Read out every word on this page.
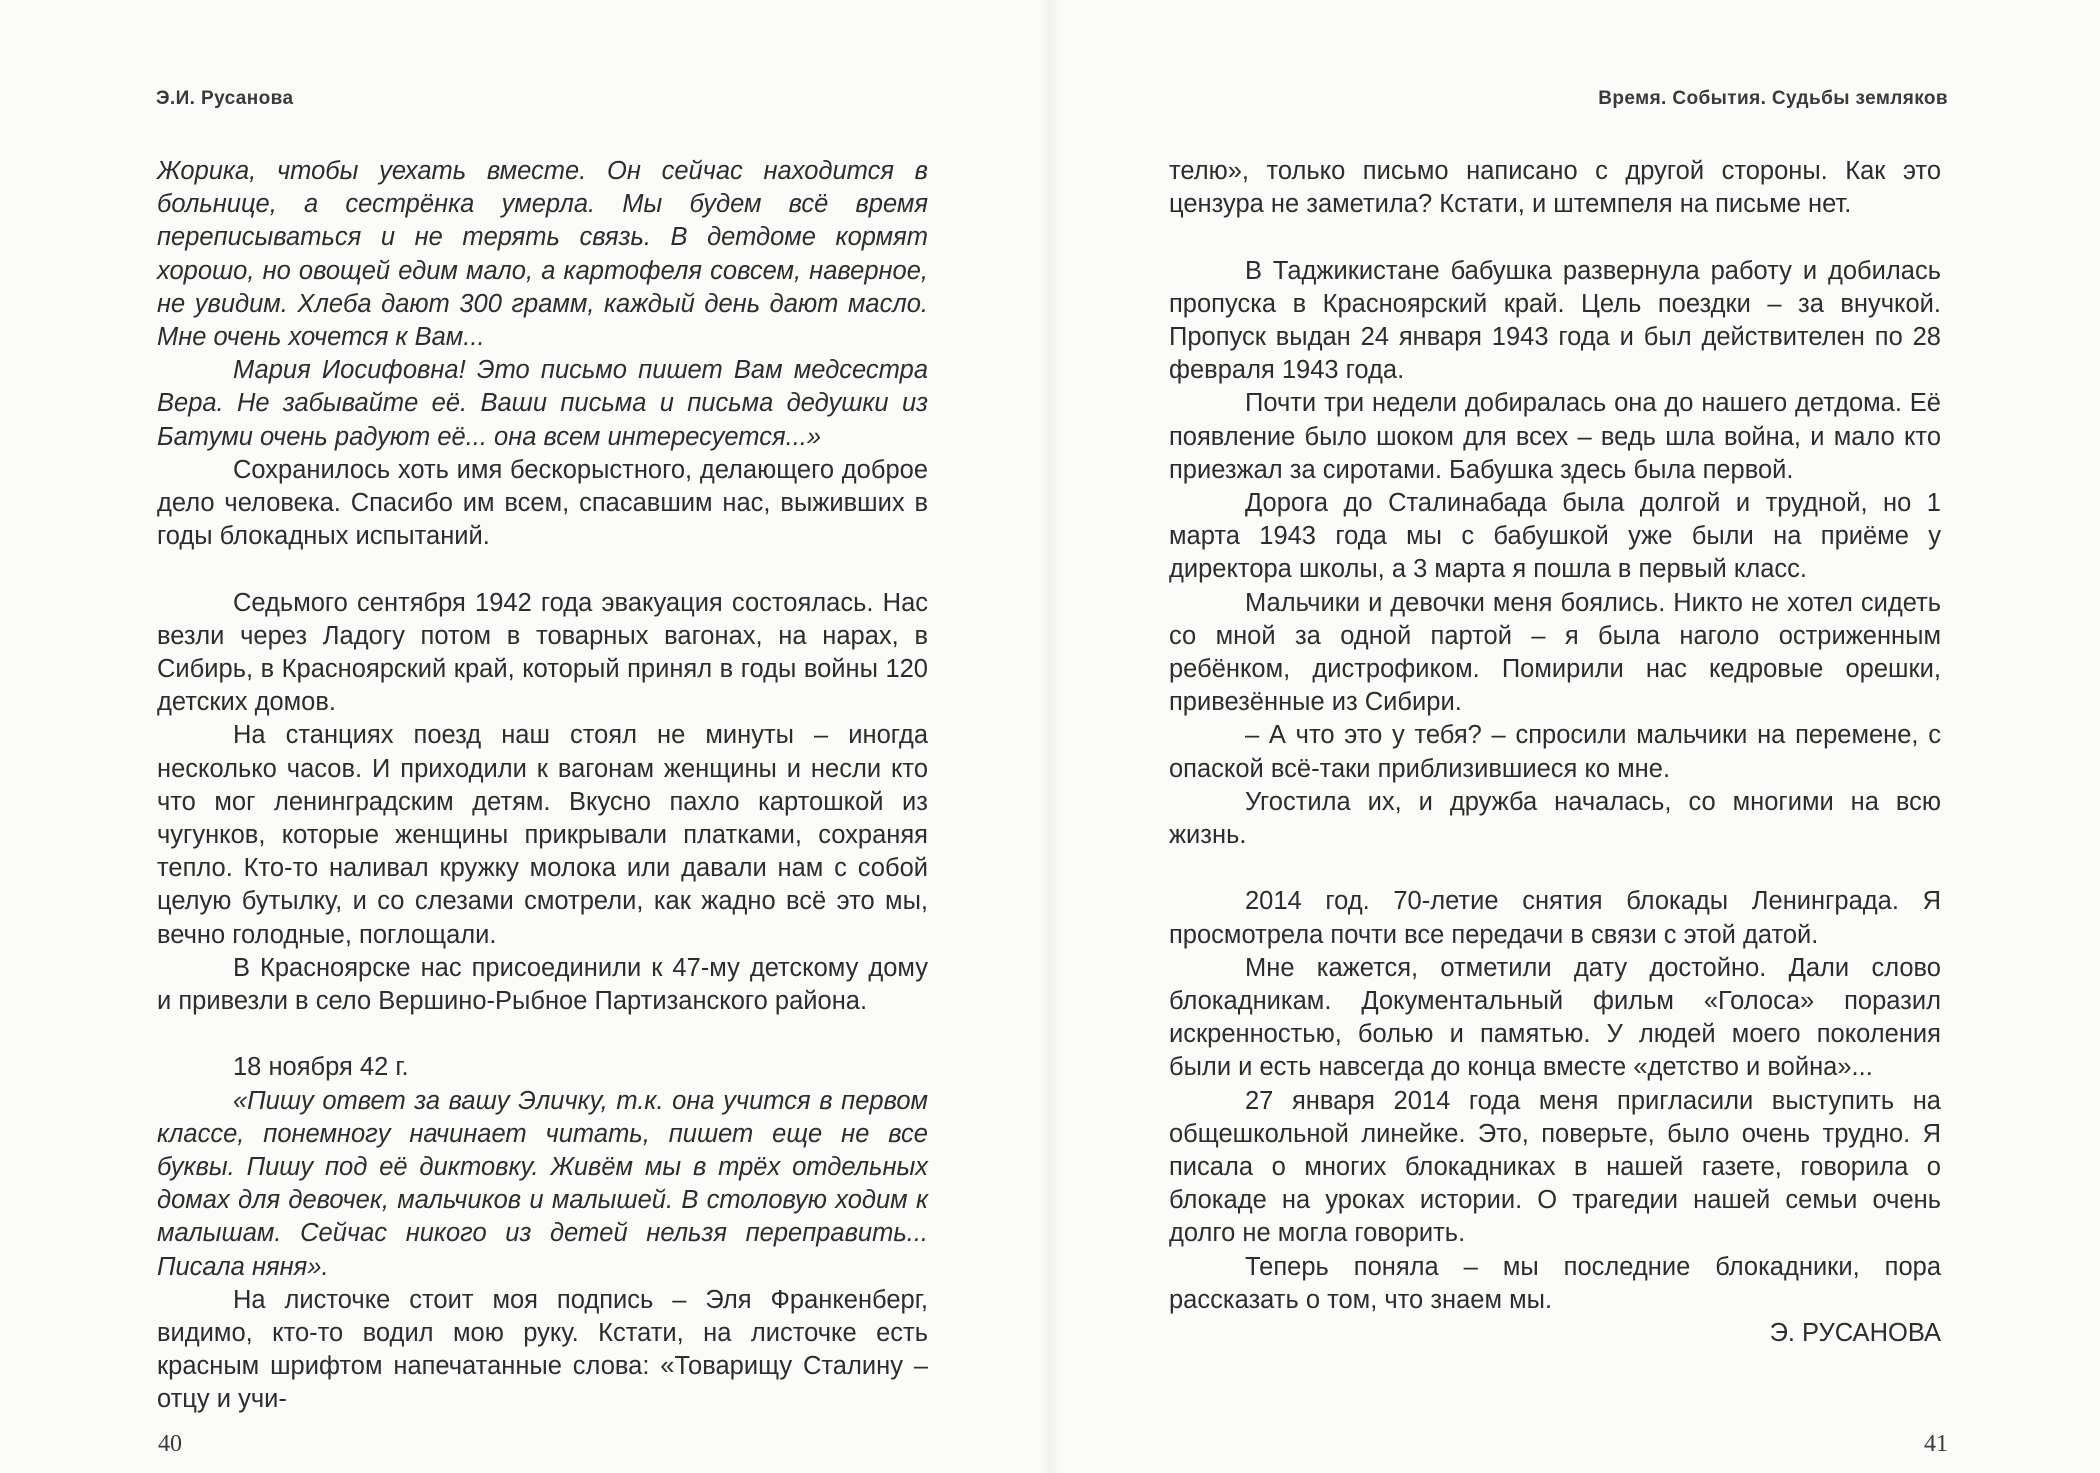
Э.И. Русанова

Жорика, чтобы уехать вместе. Он сейчас находится в больнице, а сестрёнка умерла. Мы будем всё время переписываться и не терять связь. В детдоме кормят хорошо, но овощей едим мало, а картофеля совсем, наверное, не увидим. Хлеба дают 300 грамм, каждый день дают масло. Мне очень хочется к Вам...

Мария Иосифовна! Это письмо пишет Вам медсестра Вера. Не забывайте её. Ваши письма и письма дедушки из Батуми очень радуют её... она всем интересуется...»

Сохранилось хоть имя бескорыстного, делающего доброе дело человека. Спасибо им всем, спасавшим нас, выживших в годы блокадных испытаний.

Седьмого сентября 1942 года эвакуация состоялась. Нас везли через Ладогу потом в товарных вагонах, на нарах, в Сибирь, в Красноярский край, который принял в годы войны 120 детских домов.

На станциях поезд наш стоял не минуты – иногда несколько часов. И приходили к вагонам женщины и несли кто что мог ленинградским детям. Вкусно пахло картошкой из чугунков, которые женщины прикрывали платками, сохраняя тепло. Кто-то наливал кружку молока или давали нам с собой целую бутылку, и со слезами смотрели, как жадно всё это мы, вечно голодные, поглощали.

В Красноярске нас присоединили к 47-му детскому дому и привезли в село Вершино-Рыбное Партизанского района.

18 ноября 42 г.

«Пишу ответ за вашу Эличку, т.к. она учится в первом классе, понемногу начинает читать, пишет еще не все буквы. Пишу под её диктовку. Живём мы в трёх отдельных домах для девочек, мальчиков и малышей. В столовую ходим к малышам. Сейчас никого из детей нельзя переправить... Писала няня».

На листочке стоит моя подпись – Эля Франкенберг, видимо, кто-то водил мою руку. Кстати, на листочке есть красным шрифтом напечатанные слова: «Товарищу Сталину – отцу и учи-

40
Время. События. Судьбы земляков

телю», только письмо написано с другой стороны. Как это цензура не заметила? Кстати, и штемпеля на письме нет.

В Таджикистане бабушка развернула работу и добилась пропуска в Красноярский край. Цель поездки – за внучкой. Пропуск выдан 24 января 1943 года и был действителен по 28 февраля 1943 года.

Почти три недели добиралась она до нашего детдома. Её появление было шоком для всех – ведь шла война, и мало кто приезжал за сиротами. Бабушка здесь была первой.

Дорога до Сталинабада была долгой и трудной, но 1 марта 1943 года мы с бабушкой уже были на приёме у директора школы, а 3 марта я пошла в первый класс.

Мальчики и девочки меня боялись. Никто не хотел сидеть со мной за одной партой – я была наголо остриженным ребёнком, дистрофиком. Помирили нас кедровые орешки, привезённые из Сибири.

– А что это у тебя? – спросили мальчики на перемене, с опаской всё-таки приблизившиеся ко мне.

Угостила их, и дружба началась, со многими на всю жизнь.

2014 год. 70-летие снятия блокады Ленинграда. Я просмотрела почти все передачи в связи с этой датой.

Мне кажется, отметили дату достойно. Дали слово блокадникам. Документальный фильм «Голоса» поразил искренностью, болью и памятью. У людей моего поколения были и есть навсегда до конца вместе «детство и война»...

27 января 2014 года меня пригласили выступить на общешкольной линейке. Это, поверьте, было очень трудно. Я писала о многих блокадниках в нашей газете, говорила о блокаде на уроках истории. О трагедии нашей семьи очень долго не могла говорить.

Теперь поняла – мы последние блокадники, пора рассказать о том, что знаем мы.

Э. РУСАНОВА

41
